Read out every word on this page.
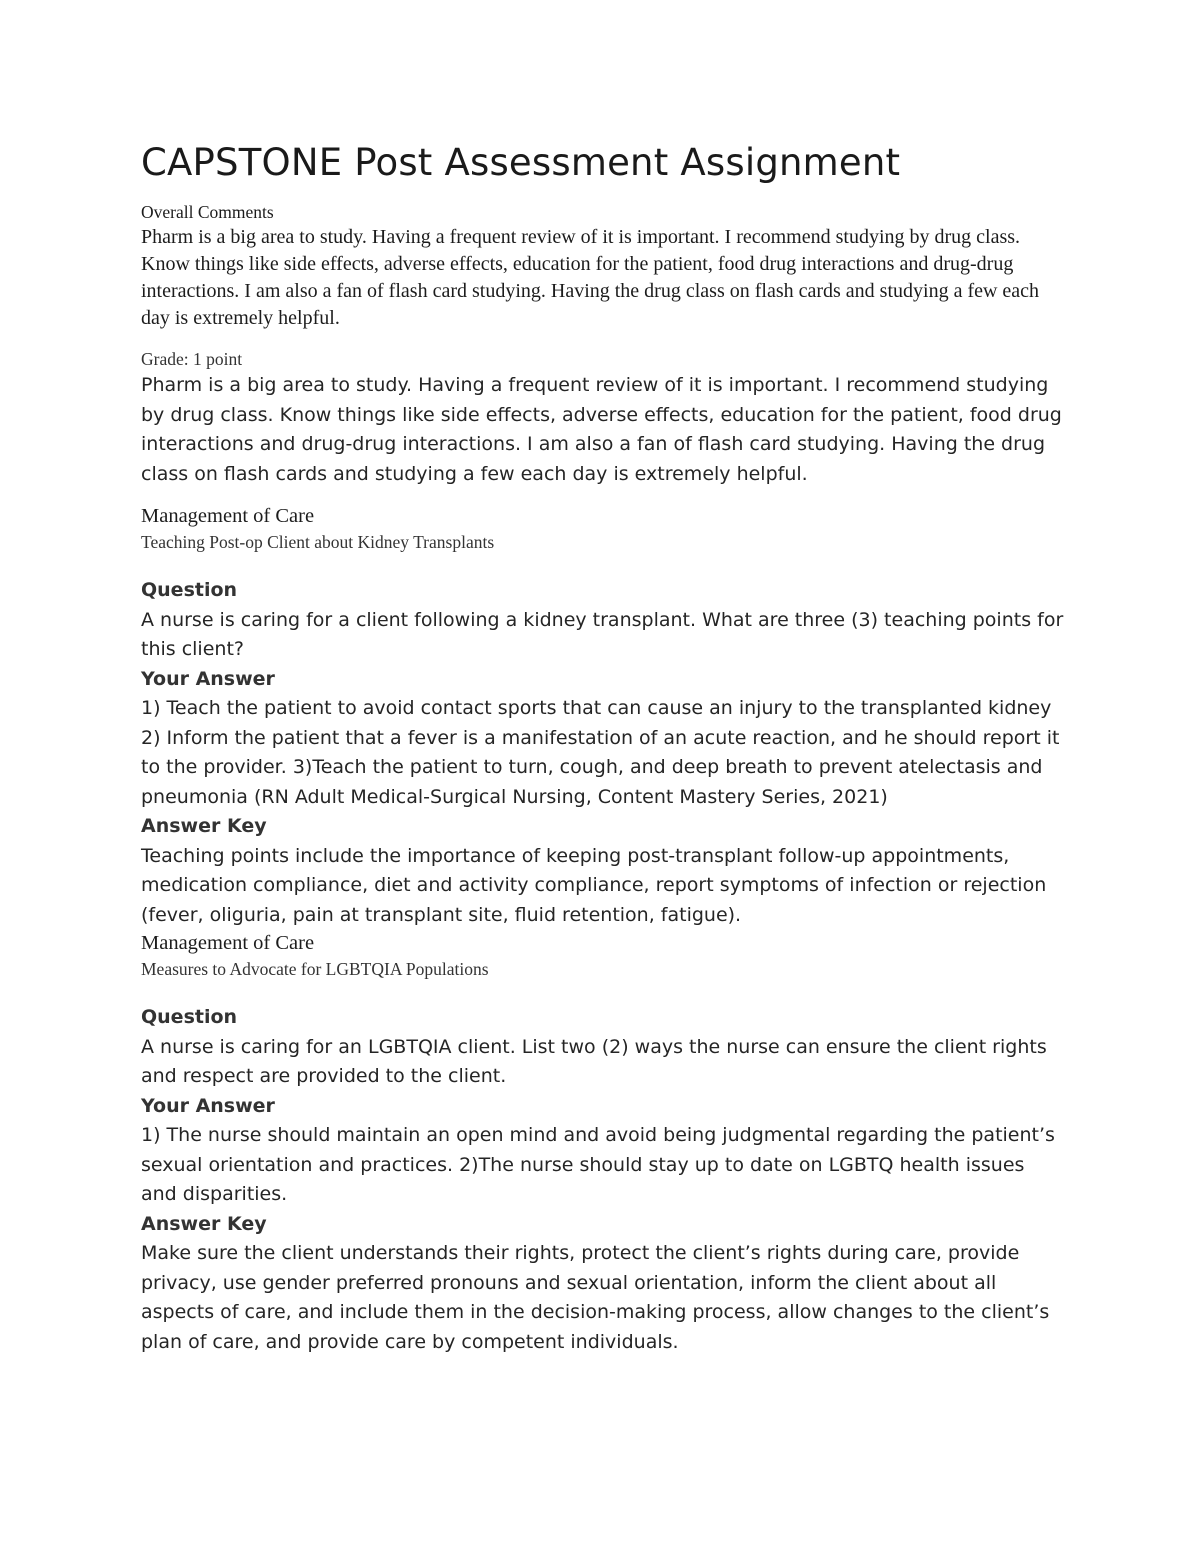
CAPSTONE Post Assessment Assignment
Overall Comments
Pharm is a big area to study. Having a frequent review of it is important. I recommend studying by drug class. Know things like side effects, adverse effects, education for the patient, food drug interactions and drug-drug interactions. I am also a fan of flash card studying. Having the drug class on flash cards and studying a few each day is extremely helpful.
Grade: 1 point
Pharm is a big area to study. Having a frequent review of it is important. I recommend studying by drug class. Know things like side effects, adverse effects, education for the patient, food drug interactions and drug-drug interactions. I am also a fan of flash card studying. Having the drug class on flash cards and studying a few each day is extremely helpful.
Management of Care
Teaching Post-op Client about Kidney Transplants
Question
A nurse is caring for a client following a kidney transplant. What are three (3) teaching points for this client?
Your Answer
1) Teach the patient to avoid contact sports that can cause an injury to the transplanted kidney 2) Inform the patient that a fever is a manifestation of an acute reaction, and he should report it to the provider. 3)Teach the patient to turn, cough, and deep breath to prevent atelectasis and pneumonia (RN Adult Medical-Surgical Nursing, Content Mastery Series, 2021)
Answer Key
Teaching points include the importance of keeping post-transplant follow-up appointments, medication compliance, diet and activity compliance, report symptoms of infection or rejection (fever, oliguria, pain at transplant site, fluid retention, fatigue).
Management of Care
Measures to Advocate for LGBTQIA Populations
Question
A nurse is caring for an LGBTQIA client. List two (2) ways the nurse can ensure the client rights and respect are provided to the client.
Your Answer
1) The nurse should maintain an open mind and avoid being judgmental regarding the patient’s sexual orientation and practices. 2)The nurse should stay up to date on LGBTQ health issues and disparities.
Answer Key
Make sure the client understands their rights, protect the client’s rights during care, provide privacy, use gender preferred pronouns and sexual orientation, inform the client about all aspects of care, and include them in the decision-making process, allow changes to the client’s plan of care, and provide care by competent individuals.
